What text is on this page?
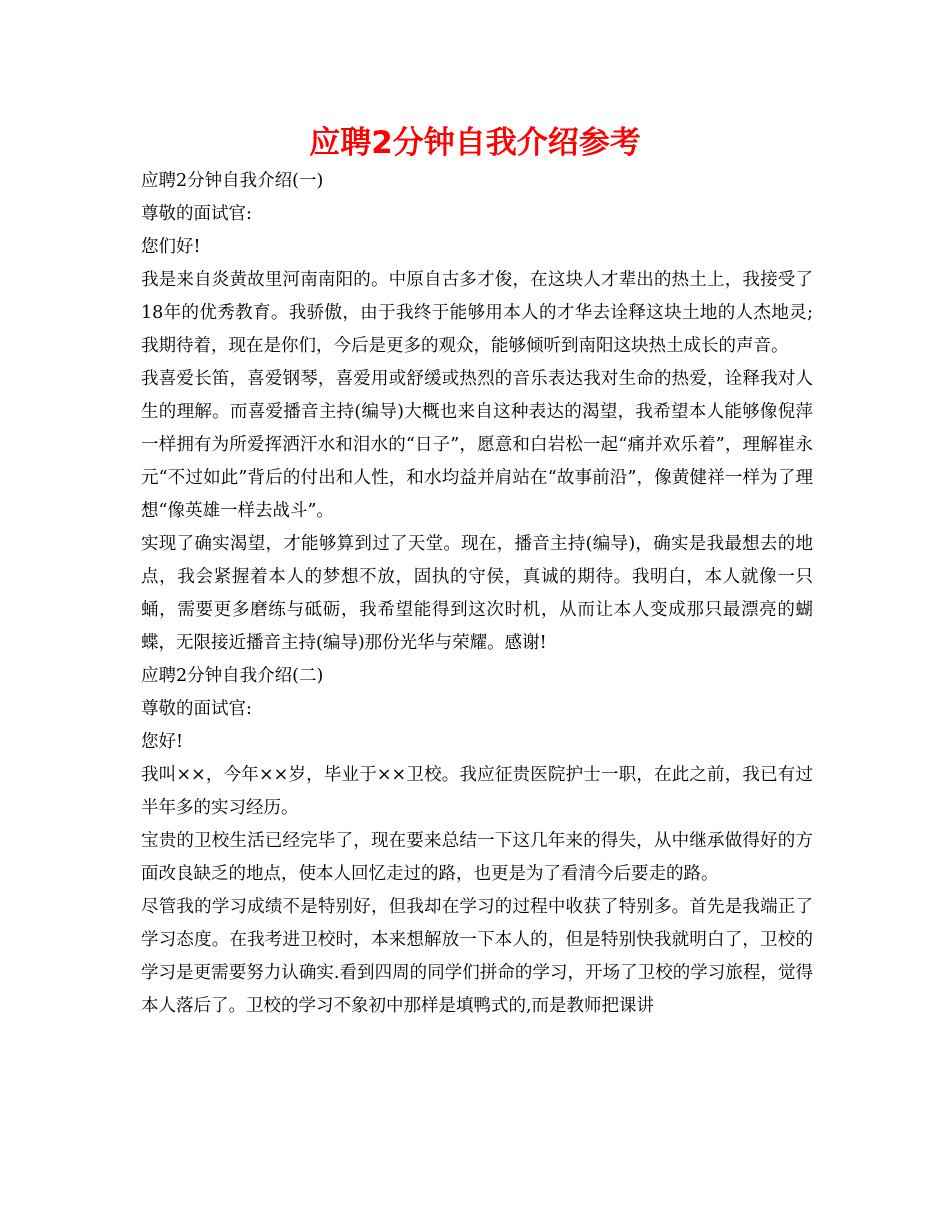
应聘2分钟自我介绍参考

应聘2分钟自我介绍(一)

尊敬的面试官:

您们好!

我是来自炎黄故里河南南阳的。中原自古多才俊，在这块人才辈出的热土上，我接受了18年的优秀教育。我骄傲，由于我终于能够用本人的才华去诠释这块土地的人杰地灵;我期待着，现在是你们，今后是更多的观众，能够倾听到南阳这块热土成长的声音。

我喜爱长笛，喜爱钢琴，喜爱用或舒缓或热烈的音乐表达我对生命的热爱，诠释我对人生的理解。而喜爱播音主持(编导)大概也来自这种表达的渴望，我希望本人能够像倪萍一样拥有为所爱挥洒汗水和泪水的“日子”，愿意和白岩松一起“痛并欢乐着”，理解崔永元“不过如此”背后的付出和人性，和水均益并肩站在“故事前沿”，像黄健祥一样为了理想“像英雄一样去战斗”。

实现了确实渴望，才能够算到过了天堂。现在，播音主持(编导)，确实是我最想去的地点，我会紧握着本人的梦想不放，固执的守侯，真诚的期待。我明白，本人就像一只蛹，需要更多磨练与砥砺，我希望能得到这次时机，从而让本人变成那只最漂亮的蝴蝶，无限接近播音主持(编导)那份光华与荣耀。感谢!

应聘2分钟自我介绍(二)

尊敬的面试官:

您好!

我叫××，今年××岁，毕业于××卫校。我应征贵医院护士一职，在此之前，我已有过半年多的实习经历。

宝贵的卫校生活已经完毕了，现在要来总结一下这几年来的得失，从中继承做得好的方面改良缺乏的地点，使本人回忆走过的路，也更是为了看清今后要走的路。

尽管我的学习成绩不是特别好，但我却在学习的过程中收获了特别多。首先是我端正了学习态度。在我考进卫校时，本来想解放一下本人的，但是特别快我就明白了，卫校的学习是更需要努力认确实.看到四周的同学们拼命的学习，开场了卫校的学习旅程，觉得本人落后了。卫校的学习不象初中那样是填鸭式的,而是教师把课讲
